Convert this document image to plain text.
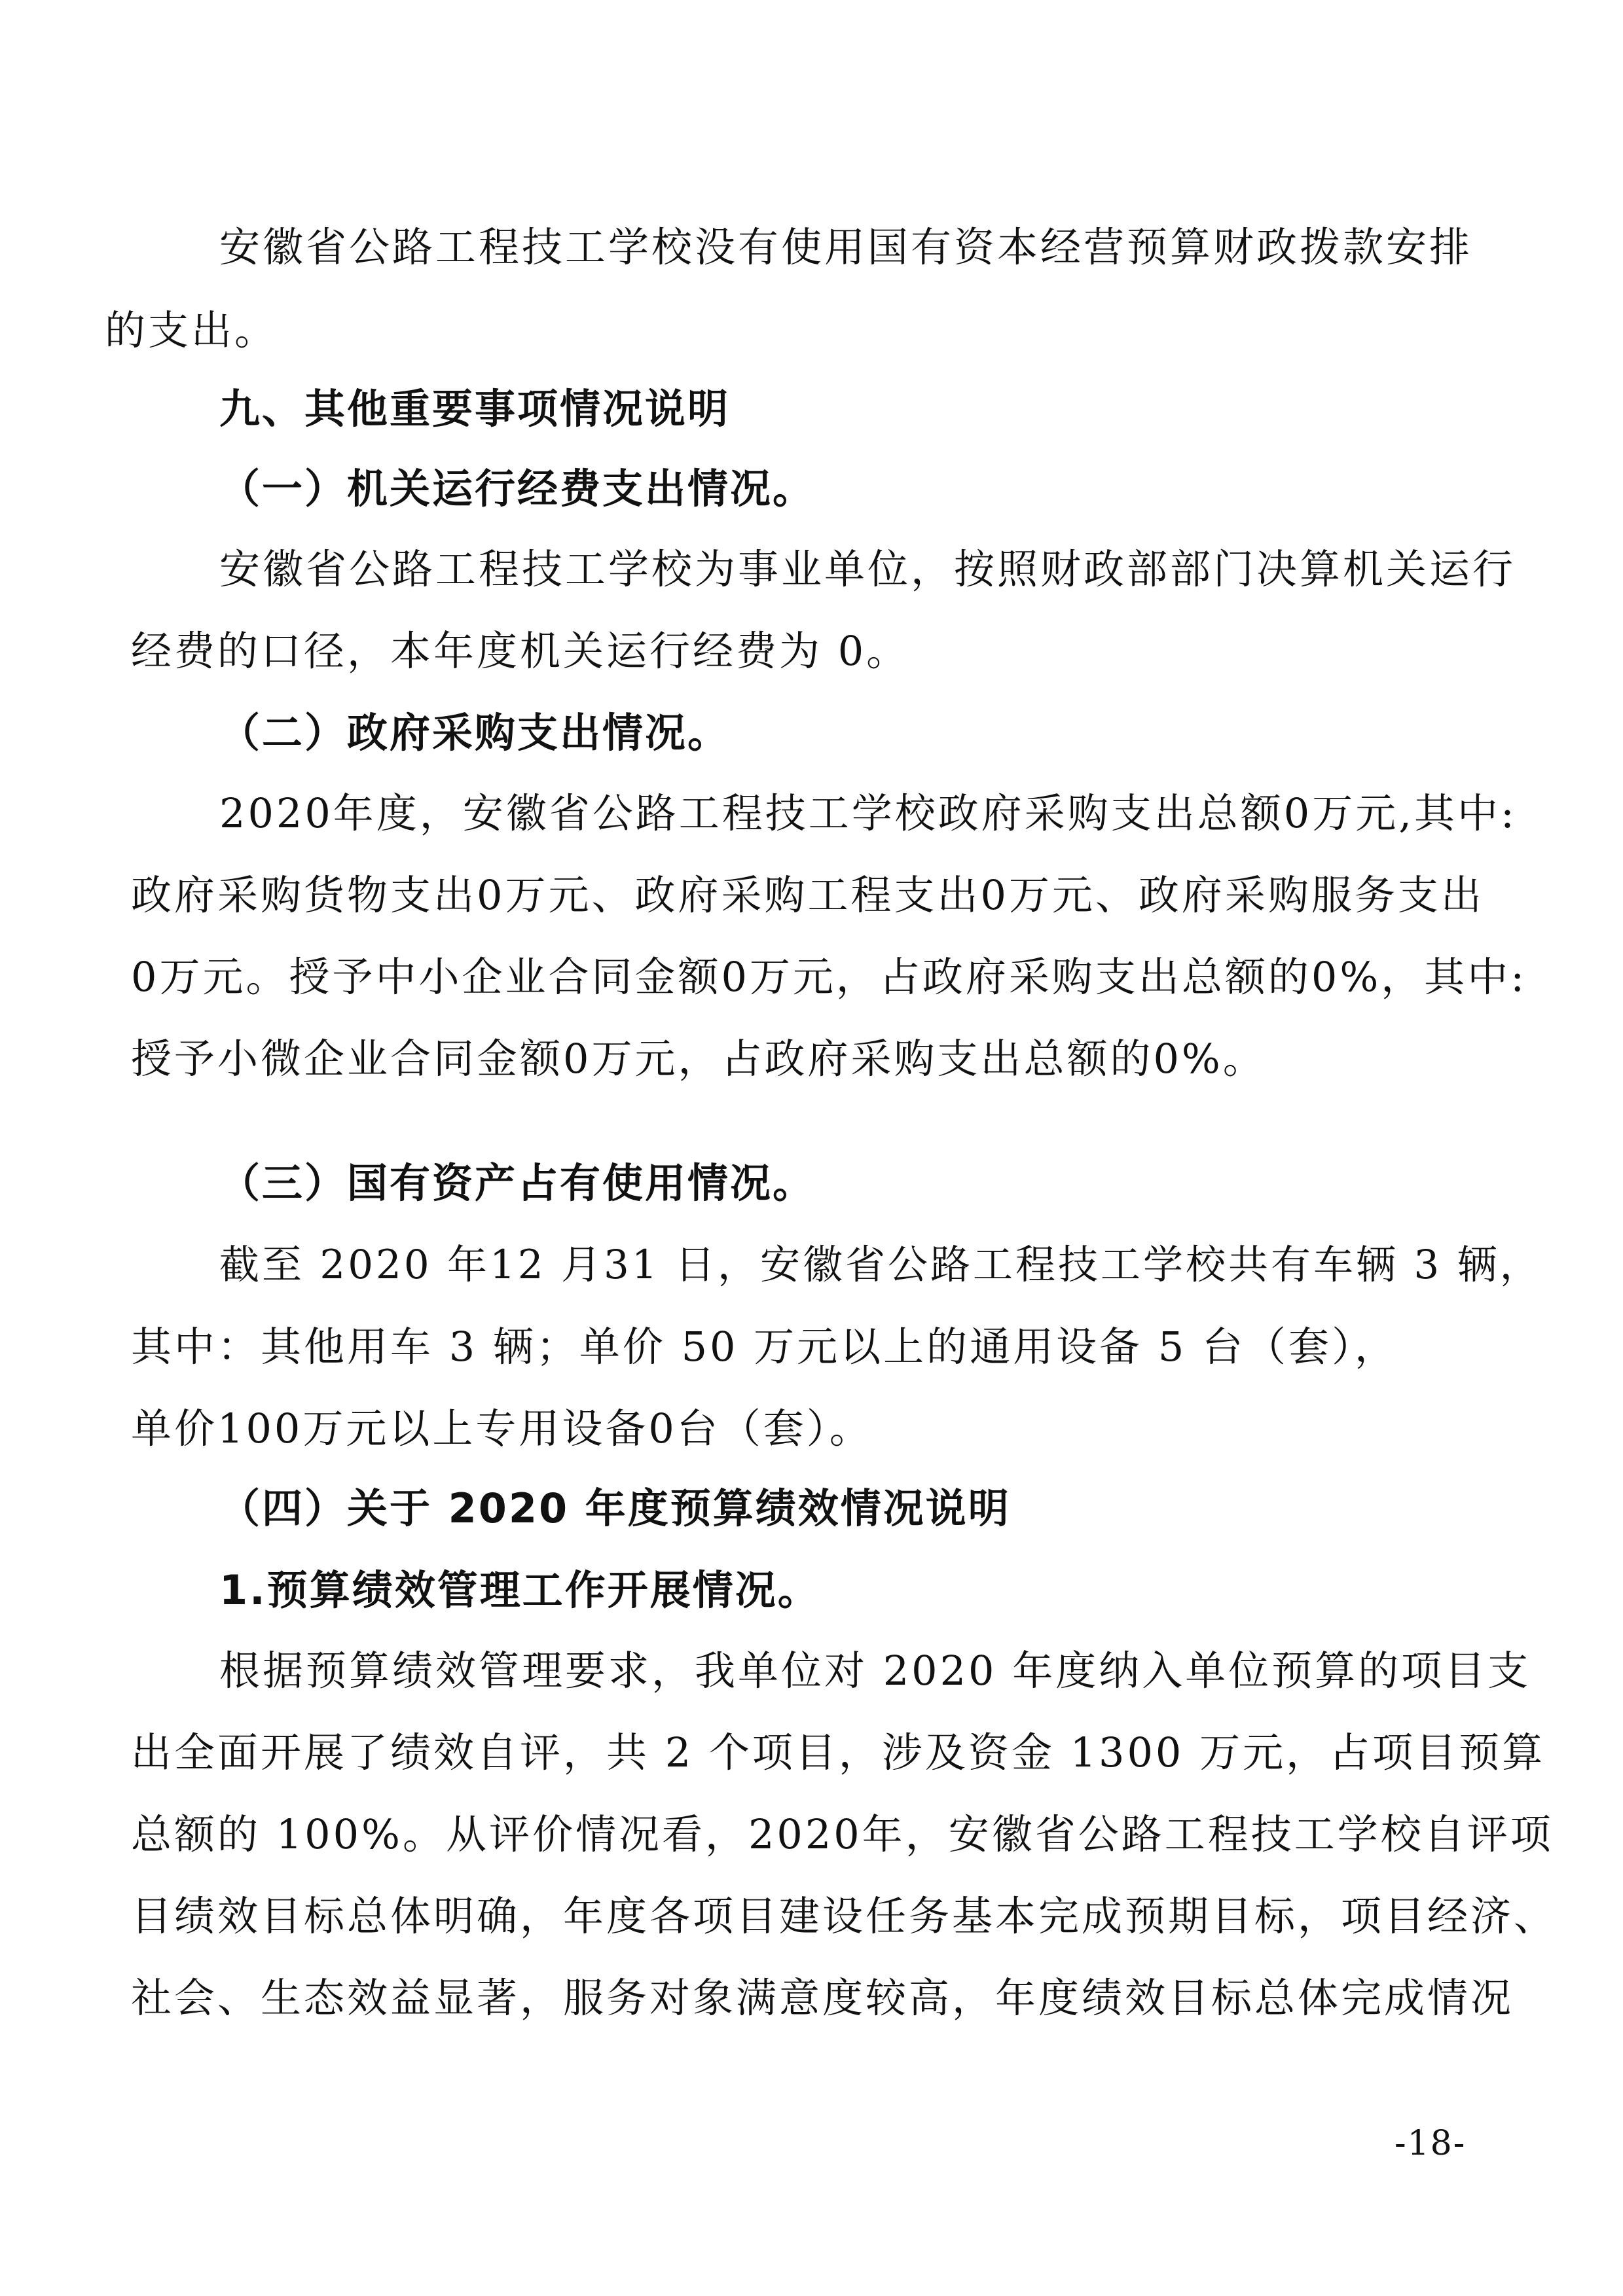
安徽省公路工程技工学校没有使用国有资本经营预算财政拨款安排
的支出。
九、其他重要事项情况说明
（一）机关运行经费支出情况。
安徽省公路工程技工学校为事业单位，按照财政部部门决算机关运行
经费的口径，本年度机关运行经费为 0。
（二）政府采购支出情况。
2020年度，安徽省公路工程技工学校政府采购支出总额0万元,其中:
政府采购货物支出0万元、政府采购工程支出0万元、政府采购服务支出
0万元。授予中小企业合同金额0万元，占政府采购支出总额的0%，其中:
授予小微企业合同金额0万元，占政府采购支出总额的0%。
（三）国有资产占有使用情况。
截至 2020 年12 月31 日，安徽省公路工程技工学校共有车辆 3 辆，
其中：其他用车 3 辆；单价 50 万元以上的通用设备 5 台（套），
单价100万元以上专用设备0台（套）。
（四）关于 2020 年度预算绩效情况说明
1.预算绩效管理工作开展情况。
根据预算绩效管理要求，我单位对 2020 年度纳入单位预算的项目支
出全面开展了绩效自评，共 2 个项目，涉及资金 1300 万元，占项目预算
总额的 100%。从评价情况看，2020年，安徽省公路工程技工学校自评项
目绩效目标总体明确，年度各项目建设任务基本完成预期目标，项目经济、
社会、生态效益显著，服务对象满意度较高，年度绩效目标总体完成情况
-18-
